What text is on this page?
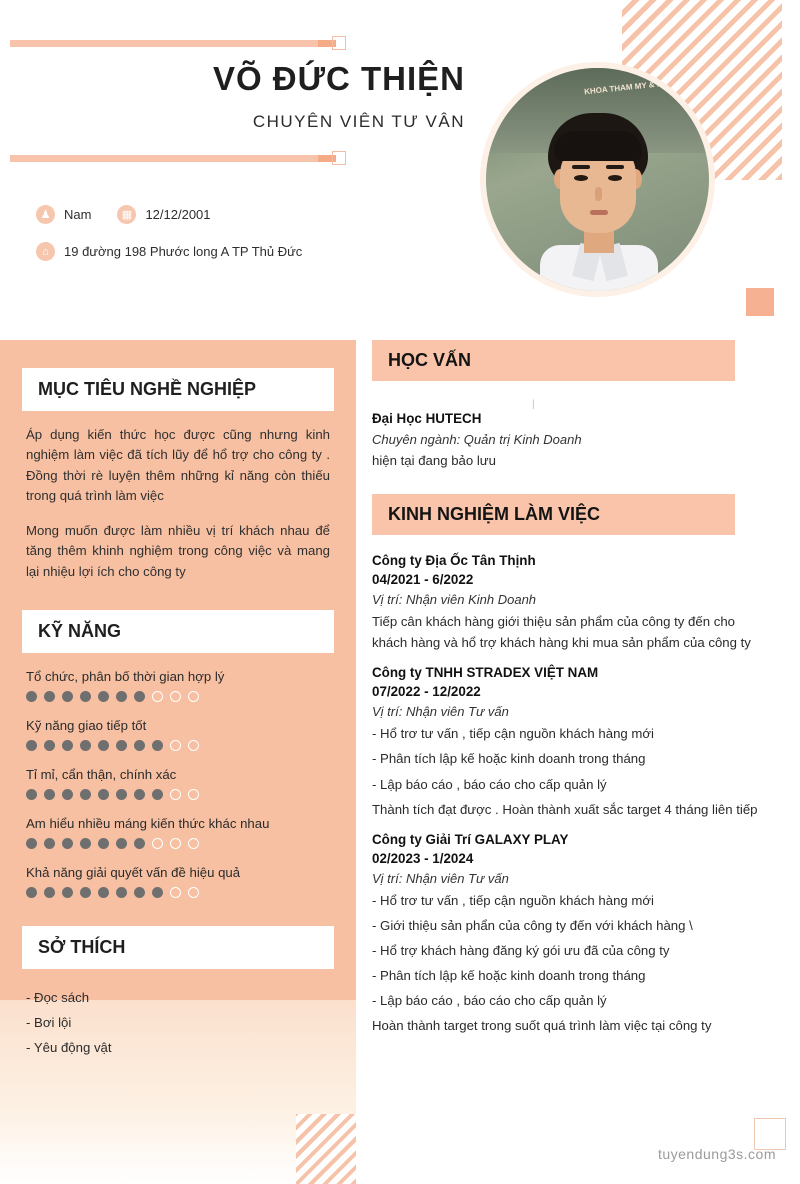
VÕ ĐỨC THIỆN
CHUYÊN VIÊN TƯ VÂN
KHOA THAM MY & MOI LAI
♟	Nam	▦	12/12/2001
⌂	19 đường 198 Phước long A TP Thủ Đức
MỤC TIÊU NGHỀ NGHIỆP
Áp dụng kiến thức học được cũng nhưng kinh nghiệm làm việc đã tích lũy để hổ trợ cho công ty . Đồng thời rè luyện thêm những kỉ năng còn thiếu trong quá trình làm việc
Mong muốn được làm nhiều vị trí khách nhau để tăng thêm khinh nghiệm trong công việc và mang lại nhiệu lợi ích cho công ty
KỸ NĂNG
Tổ chức, phân bố thời gian hợp lý
Kỹ năng giao tiếp tốt
Tỉ mỉ, cẩn thận, chính xác
Am hiểu nhiều máng kiến thức khác nhau
Khả năng giải quyết vấn đề hiệu quả
SỞ THÍCH
- Đọc sách
- Bơi lội
- Yêu động vật
HỌC VẤN
|
Đại Học HUTECH
Chuyên ngành: Quản trị Kinh Doanh
hiện tại đang bảo lưu
KINH NGHIỆM LÀM VIỆC
Công ty Địa Ốc Tân Thịnh
04/2021 - 6/2022
Vị trí: Nhận viên Kinh Doanh
Tiếp cân khách hàng giới thiệu sản phẩm của công ty đến cho khách hàng và hổ trợ khách hàng khi mua sản phẩm của công ty
Công ty TNHH STRADEX VIỆT NAM
07/2022 - 12/2022
Vị trí: Nhận viên Tư vấn
- Hổ trơ tư vấn , tiếp cận nguồn khách hàng mới
- Phân tích lập kế hoặc kinh doanh trong tháng
- Lập báo cáo , báo cáo cho cấp quản lý
Thành tích đạt được . Hoàn thành xuất sắc target 4 tháng liên tiếp
Công ty Giải Trí GALAXY PLAY
02/2023 - 1/2024
Vị trí: Nhận viên Tư vấn
- Hổ trơ tư vấn , tiếp cận nguồn khách hàng mới
- Giới thiệu sản phẩn của công ty đến với khách hàng \
- Hổ trợ khách hàng đăng ký gói ưu đã của công ty
- Phân tích lập kế hoặc kinh doanh trong tháng
- Lập báo cáo , báo cáo cho cấp quản lý
Hoàn thành target trong suốt quá trình làm việc tại công ty
tuyendung3s.com
